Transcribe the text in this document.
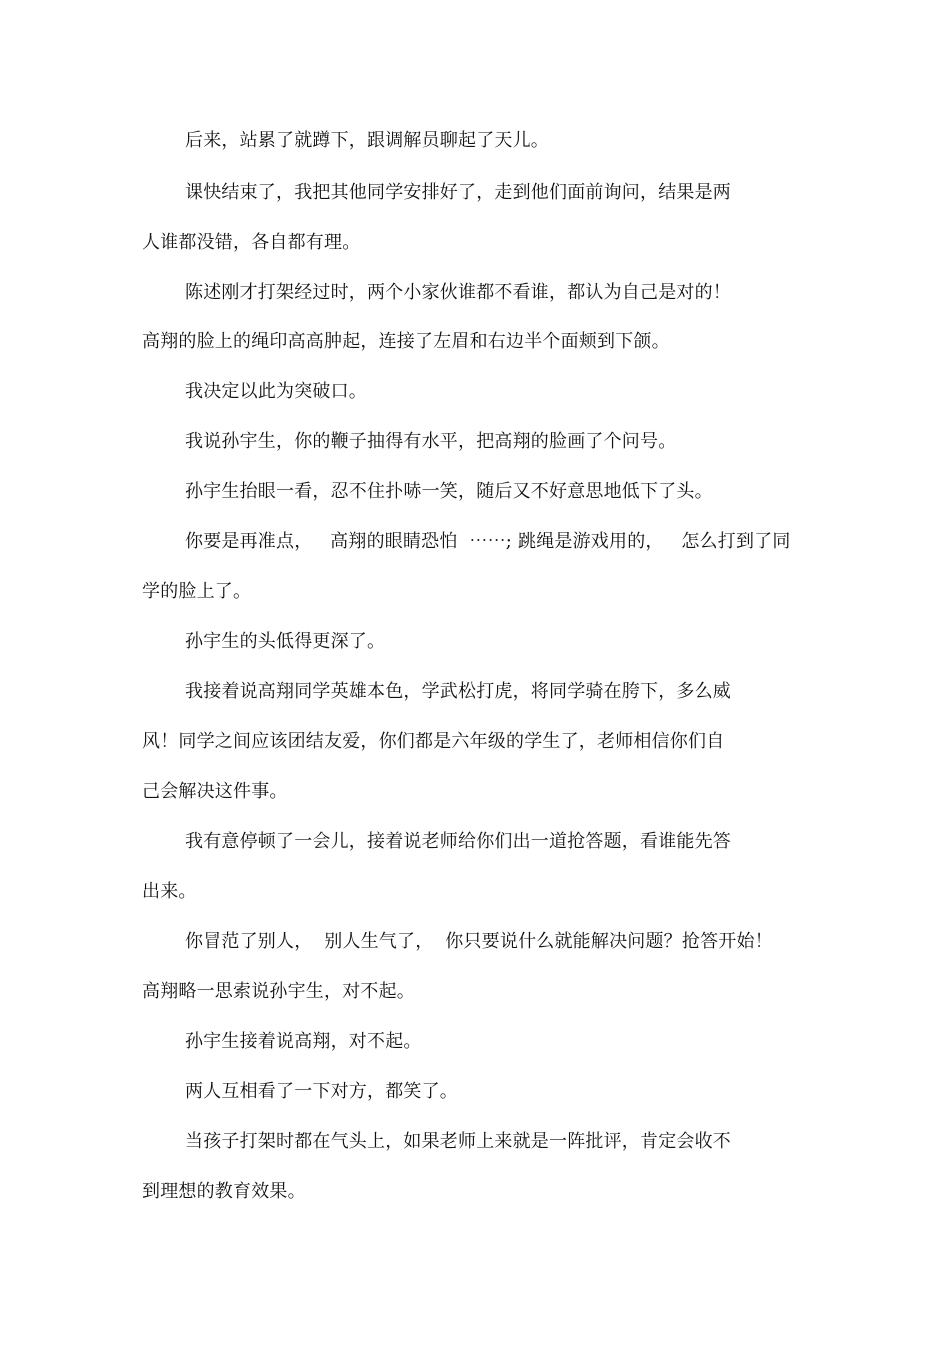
后来，站累了就蹲下，跟调解员聊起了天儿。
课快结束了，我把其他同学安排好了，走到他们面前询问，结果是两
人谁都没错，各自都有理。
陈述刚才打架经过时，两个小家伙谁都不看谁，都认为自己是对的！
高翔的脸上的绳印高高肿起，连接了左眉和右边半个面颊到下颌。
我决定以此为突破口。
我说孙宇生，你的鞭子抽得有水平，把高翔的脸画了个问号。
孙宇生抬眼一看，忍不住扑哧一笑，随后又不好意思地低下了头。
你要是再准点，   高翔的眼睛恐怕  ⋯⋯; 跳绳是游戏用的，   怎么打到了同
学的脸上了。
孙宇生的头低得更深了。
我接着说高翔同学英雄本色，学武松打虎，将同学骑在胯下，多么威
风！同学之间应该团结友爱，你们都是六年级的学生了，老师相信你们自
己会解决这件事。
我有意停顿了一会儿，接着说老师给你们出一道抢答题，看谁能先答
出来。
你冒范了别人，  别人生气了，  你只要说什么就能解决问题？抢答开始！
高翔略一思索说孙宇生，对不起。
孙宇生接着说高翔，对不起。
两人互相看了一下对方，都笑了。
当孩子打架时都在气头上，如果老师上来就是一阵批评，肯定会收不
到理想的教育效果。
